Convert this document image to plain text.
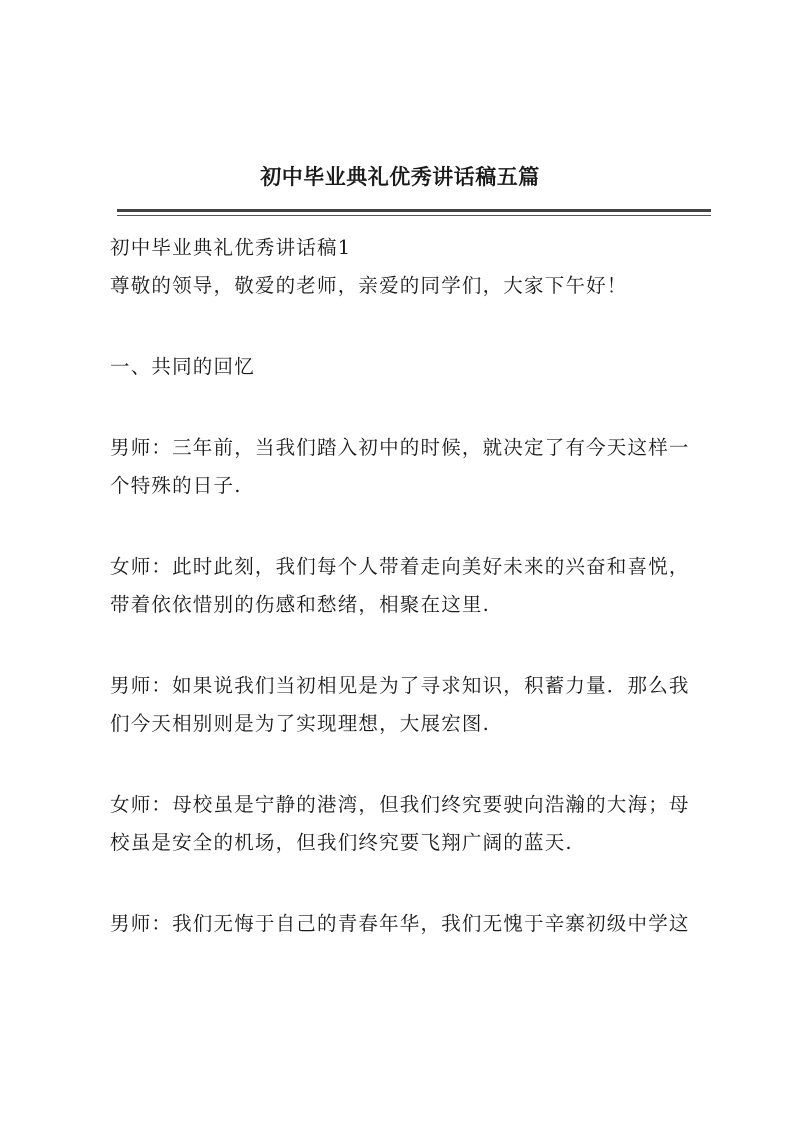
初中毕业典礼优秀讲话稿五篇
初中毕业典礼优秀讲话稿1
尊敬的领导，敬爱的老师，亲爱的同学们，大家下午好！
一、共同的回忆
男师：三年前，当我们踏入初中的时候，就决定了有今天这样一
个特殊的日子.
女师：此时此刻，我们每个人带着走向美好未来的兴奋和喜悦，
带着依依惜别的伤感和愁绪，相聚在这里.
男师：如果说我们当初相见是为了寻求知识，积蓄力量．那么我
们今天相别则是为了实现理想，大展宏图.
女师：母校虽是宁静的港湾，但我们终究要驶向浩瀚的大海；母
校虽是安全的机场，但我们终究要飞翔广阔的蓝天.
男师：我们无悔于自己的青春年华，我们无愧于辛寨初级中学这
